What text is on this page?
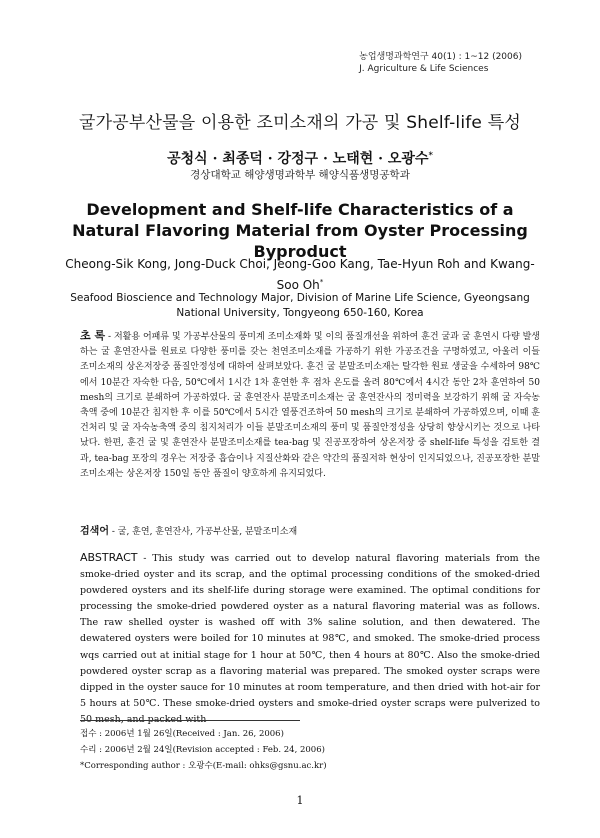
농업생명과학연구 40(1) : 1~12 (2006)
J. Agriculture & Life Sciences
굴가공부산물을 이용한 조미소재의 가공 및 Shelf-life 특성
공청식 · 최종덕 · 강정구 · 노태현 · 오광수*
경상대학교 해양생명과학부 해양식품생명공학과
Development and Shelf-life Characteristics of a Natural Flavoring Material from Oyster Processing Byproduct
Cheong-Sik Kong, Jong-Duck Choi, Jeong-Goo Kang, Tae-Hyun Roh and Kwang-Soo Oh*
Seafood Bioscience and Technology Major, Division of Marine Life Science, Gyeongsang National University, Tongyeong 650-160, Korea
초 록 - 저활용 어패류 및 가공부산물의 풍미계 조미소재화 및 이의 품질개선을 위하여 훈건 굴과 굴 훈연시 다량 발생하는 굴 훈연잔사를 원료로 다양한 풍미를 갖는 천연조미소재를 가공하기 위한 가공조건을 구명하였고, 아울러 이들 조미소재의 상온저장중 품질안정성에 대하여 살펴보았다. 훈건 굴 분말조미소재는 탈각한 원료 생굴을 수세하여 98℃에서 10분간 자숙한 다음, 50℃에서 1시간 1차 훈연한 후 점차 온도를 올려 80℃에서 4시간 동안 2차 훈연하여 50 mesh의 크기로 분쇄하여 가공하였다. 굴 훈연잔사 분말조미소재는 굴 훈연잔사의 정미력을 보강하기 위해 굴 자숙농축액 중에 10분간 침지한 후 이를 50℃에서 5시간 열풍건조하여 50 mesh의 크기로 분쇄하여 가공하였으며, 이때 훈건처리 및 굴 자숙농축액 중의 침지처리가 이들 분말조미소재의 풍미 및 품질안정성을 상당히 향상시키는 것으로 나타났다. 한편, 훈건 굴 및 훈연잔사 분말조미소재를 tea-bag 및 진공포장하여 상온저장 중 shelf-life 특성을 검토한 결과, tea-bag 포장의 경우는 저장중 흡습이나 지질산화와 같은 약간의 품질저하 현상이 인지되었으나, 진공포장한 분말조미소재는 상온저장 150일 동안 품질이 양호하게 유지되었다.
검색어 - 굴, 훈연, 훈연잔사, 가공부산물, 분말조미소재
ABSTRACT - This study was carried out to develop natural flavoring materials from the smoke-dried oyster and its scrap, and the optimal processing conditions of the smoked-dried powdered oysters and its shelf-life during storage were examined. The optimal conditions for processing the smoke-dried powdered oyster as a natural flavoring material was as follows. The raw shelled oyster is washed off with 3% saline solution, and then dewatered. The dewatered oysters were boiled for 10 minutes at 98℃, and smoked. The smoke-dried process wqs carried out at initial stage for 1 hour at 50℃, then 4 hours at 80℃. Also the smoke-dried powdered oyster scrap as a flavoring material was prepared. The smoked oyster scraps were dipped in the oyster sauce for 10 minutes at room temperature, and then dried with hot-air for 5 hours at 50℃. These smoke-dried oysters and smoke-dried oyster scraps were pulverized to 50 mesh, and packed with
접수 : 2006년 1월 26일(Received : Jan. 26, 2006)
수리 : 2006년 2월 24일(Revision accepted : Feb. 24, 2006)
*Corresponding author : 오광수(E-mail: ohks@gsnu.ac.kr)
1
